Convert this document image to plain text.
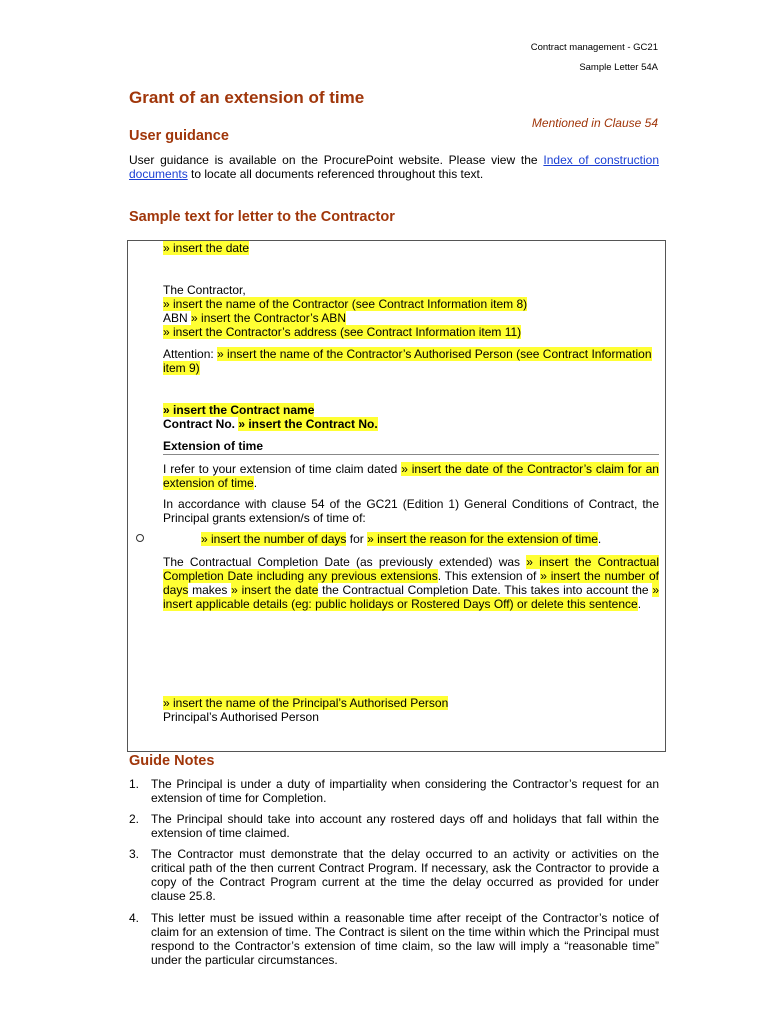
Contract management - GC21
Sample Letter 54A
Grant of an extension of time
Mentioned in Clause 54
User guidance
User guidance is available on the ProcurePoint website. Please view the Index of construction documents to locate all documents referenced throughout this text.
Sample text for letter to the Contractor
» insert the date
The Contractor,
» insert the name of the Contractor (see Contract Information item 8)
ABN » insert the Contractor’s ABN
» insert the Contractor’s address (see Contract Information item 11)
Attention: » insert the name of the Contractor’s Authorised Person (see Contract Information item 9)
» insert the Contract name
Contract No. » insert the Contract No.
Extension of time
I refer to your extension of time claim dated » insert the date of the Contractor’s claim for an extension of time.
In accordance with clause 54 of the GC21 (Edition 1) General Conditions of Contract, the Principal grants extension/s of time of:
» insert the number of days for » insert the reason for the extension of time.
The Contractual Completion Date (as previously extended) was » insert the Contractual Completion Date including any previous extensions. This extension of » insert the number of days makes » insert the date the Contractual Completion Date. This takes into account the » insert applicable details (eg: public holidays or Rostered Days Off) or delete this sentence.
» insert the name of the Principal’s Authorised Person
Principal’s Authorised Person
Guide Notes
1. The Principal is under a duty of impartiality when considering the Contractor’s request for an extension of time for Completion.
2. The Principal should take into account any rostered days off and holidays that fall within the extension of time claimed.
3. The Contractor must demonstrate that the delay occurred to an activity or activities on the critical path of the then current Contract Program. If necessary, ask the Contractor to provide a copy of the Contract Program current at the time the delay occurred as provided for under clause 25.8.
4. This letter must be issued within a reasonable time after receipt of the Contractor’s notice of claim for an extension of time. The Contract is silent on the time within which the Principal must respond to the Contractor’s extension of time claim, so the law will imply a “reasonable time” under the particular circumstances.
